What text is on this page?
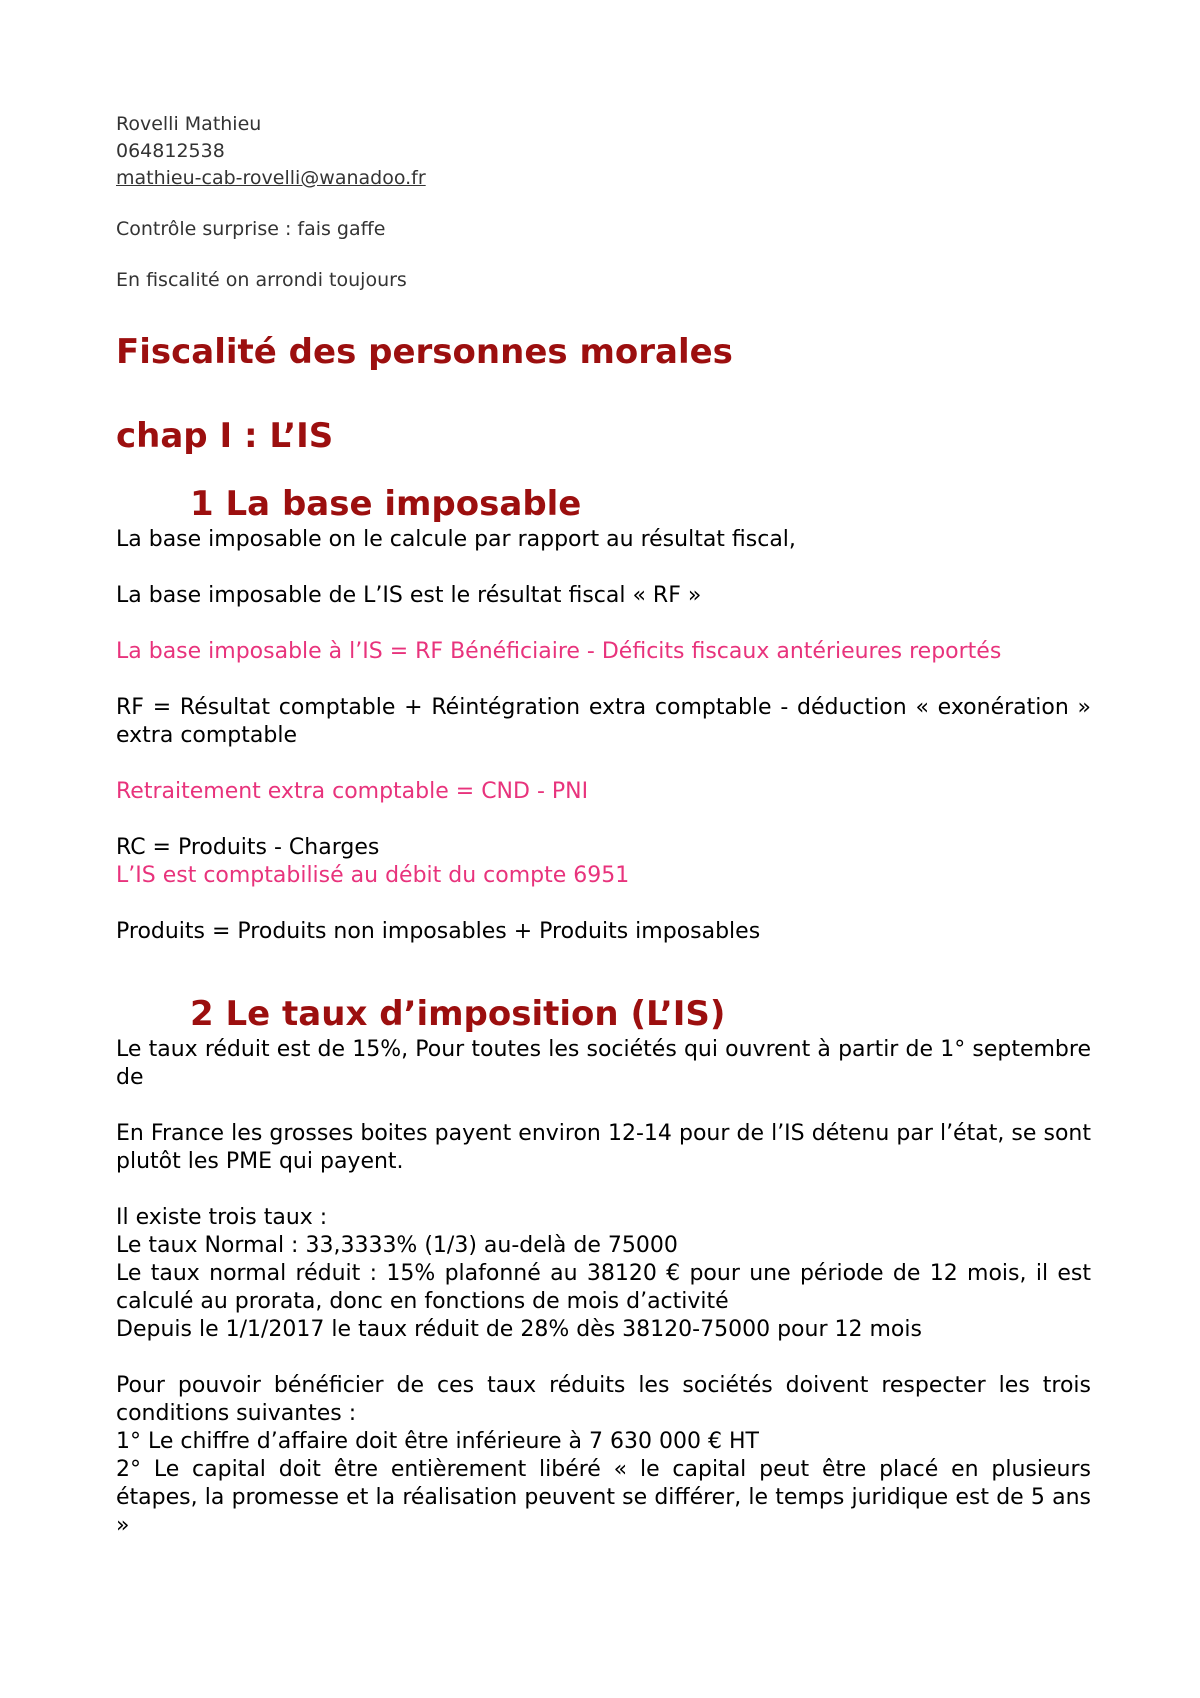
Rovelli Mathieu

064812538

mathieu-cab-rovelli@wanadoo.fr

Contrôle surprise : fais gaffe

En fiscalité on arrondi toujours

Fiscalité des personnes morales
chap I : L’IS
1 La base imposable

La base imposable on le calcule par rapport au résultat fiscal,

La base imposable de L’IS est le résultat fiscal « RF »

La base imposable à l’IS = RF Bénéficiaire - Déficits fiscaux antérieures reportés

RF = Résultat comptable + Réintégration extra comptable - déduction « exonération » extra comptable

Retraitement extra comptable = CND - PNI

RC = Produits - Charges

L’IS est comptabilisé au débit du compte 6951

Produits = Produits non imposables + Produits imposables

2 Le taux d’imposition (L’IS)

Le taux réduit est de 15%, Pour toutes les sociétés qui ouvrent à partir de 1° septembre de

En France les grosses boites payent environ 12-14 pour de l’IS détenu par l’état, se sont plutôt les PME qui payent.

Il existe trois taux :

Le taux Normal : 33,3333% (1/3) au-delà de 75000

Le taux normal réduit : 15% plafonné au 38120 € pour une période de 12 mois, il est calculé au prorata, donc en fonctions de mois d’activité

Depuis le 1/1/2017 le taux réduit de 28% dès 38120-75000 pour 12 mois

Pour pouvoir bénéficier de ces taux réduits les sociétés doivent respecter les trois conditions suivantes :

1° Le chiffre d’affaire doit être inférieure à 7 630 000 € HT

2° Le capital doit être entièrement libéré « le capital peut être placé en plusieurs étapes, la promesse et la réalisation peuvent se différer, le temps juridique est de 5 ans »
